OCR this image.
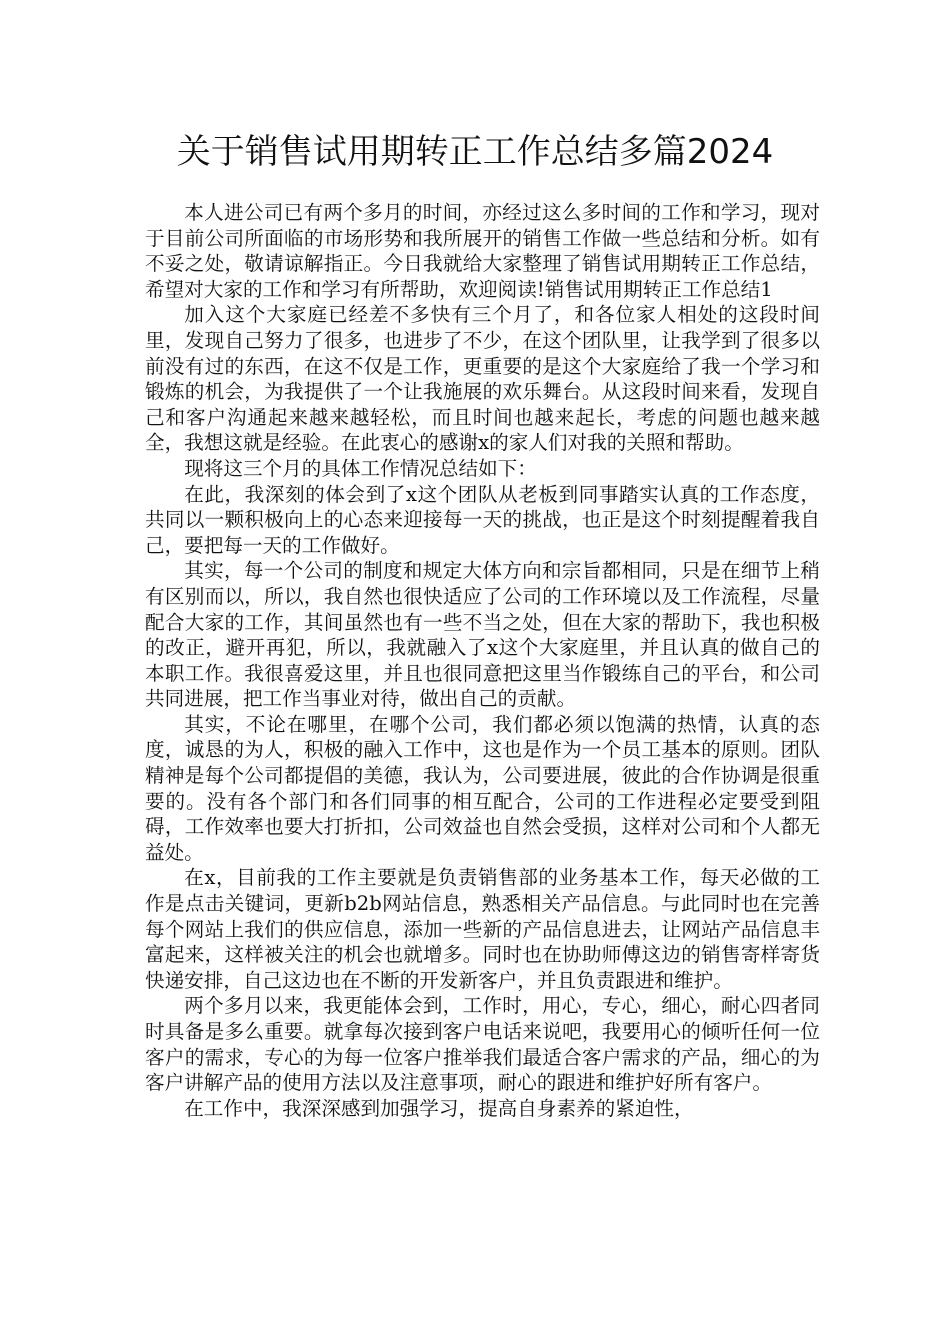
关于销售试用期转正工作总结多篇2024

本人进公司已有两个多月的时间，亦经过这么多时间的工作和学习，现对于目前公司所面临的市场形势和我所展开的销售工作做一些总结和分析。如有不妥之处，敬请谅解指正。今日我就给大家整理了销售试用期转正工作总结，希望对大家的工作和学习有所帮助，欢迎阅读!销售试用期转正工作总结1

加入这个大家庭已经差不多快有三个月了，和各位家人相处的这段时间里，发现自己努力了很多，也进步了不少，在这个团队里，让我学到了很多以前没有过的东西，在这不仅是工作，更重要的是这个大家庭给了我一个学习和锻炼的机会，为我提供了一个让我施展的欢乐舞台。从这段时间来看，发现自己和客户沟通起来越来越轻松，而且时间也越来起长，考虑的问题也越来越全，我想这就是经验。在此衷心的感谢x的家人们对我的关照和帮助。

现将这三个月的具体工作情况总结如下：

在此，我深刻的体会到了x这个团队从老板到同事踏实认真的工作态度，共同以一颗积极向上的心态来迎接每一天的挑战，也正是这个时刻提醒着我自己，要把每一天的工作做好。

其实，每一个公司的制度和规定大体方向和宗旨都相同，只是在细节上稍有区别而以，所以，我自然也很快适应了公司的工作环境以及工作流程，尽量配合大家的工作，其间虽然也有一些不当之处，但在大家的帮助下，我也积极的改正，避开再犯，所以，我就融入了x这个大家庭里，并且认真的做自己的本职工作。我很喜爱这里，并且也很同意把这里当作锻练自己的平台，和公司共同进展，把工作当事业对待，做出自己的贡献。

其实，不论在哪里，在哪个公司，我们都必须以饱满的热情，认真的态度，诚恳的为人，积极的融入工作中，这也是作为一个员工基本的原则。团队精神是每个公司都提倡的美德，我认为，公司要进展，彼此的合作协调是很重要的。没有各个部门和各们同事的相互配合，公司的工作进程必定要受到阻碍，工作效率也要大打折扣，公司效益也自然会受损，这样对公司和个人都无益处。

在x，目前我的工作主要就是负责销售部的业务基本工作，每天必做的工作是点击关键词，更新b2b网站信息，熟悉相关产品信息。与此同时也在完善每个网站上我们的供应信息，添加一些新的产品信息进去，让网站产品信息丰富起来，这样被关注的机会也就增多。同时也在协助师傅这边的销售寄样寄货快递安排，自己这边也在不断的开发新客户，并且负责跟进和维护。

两个多月以来，我更能体会到，工作时，用心，专心，细心，耐心四者同时具备是多么重要。就拿每次接到客户电话来说吧，我要用心的倾听任何一位客户的需求，专心的为每一位客户推举我们最适合客户需求的产品，细心的为客户讲解产品的使用方法以及注意事项，耐心的跟进和维护好所有客户。

在工作中，我深深感到加强学习，提高自身素养的紧迫性，
